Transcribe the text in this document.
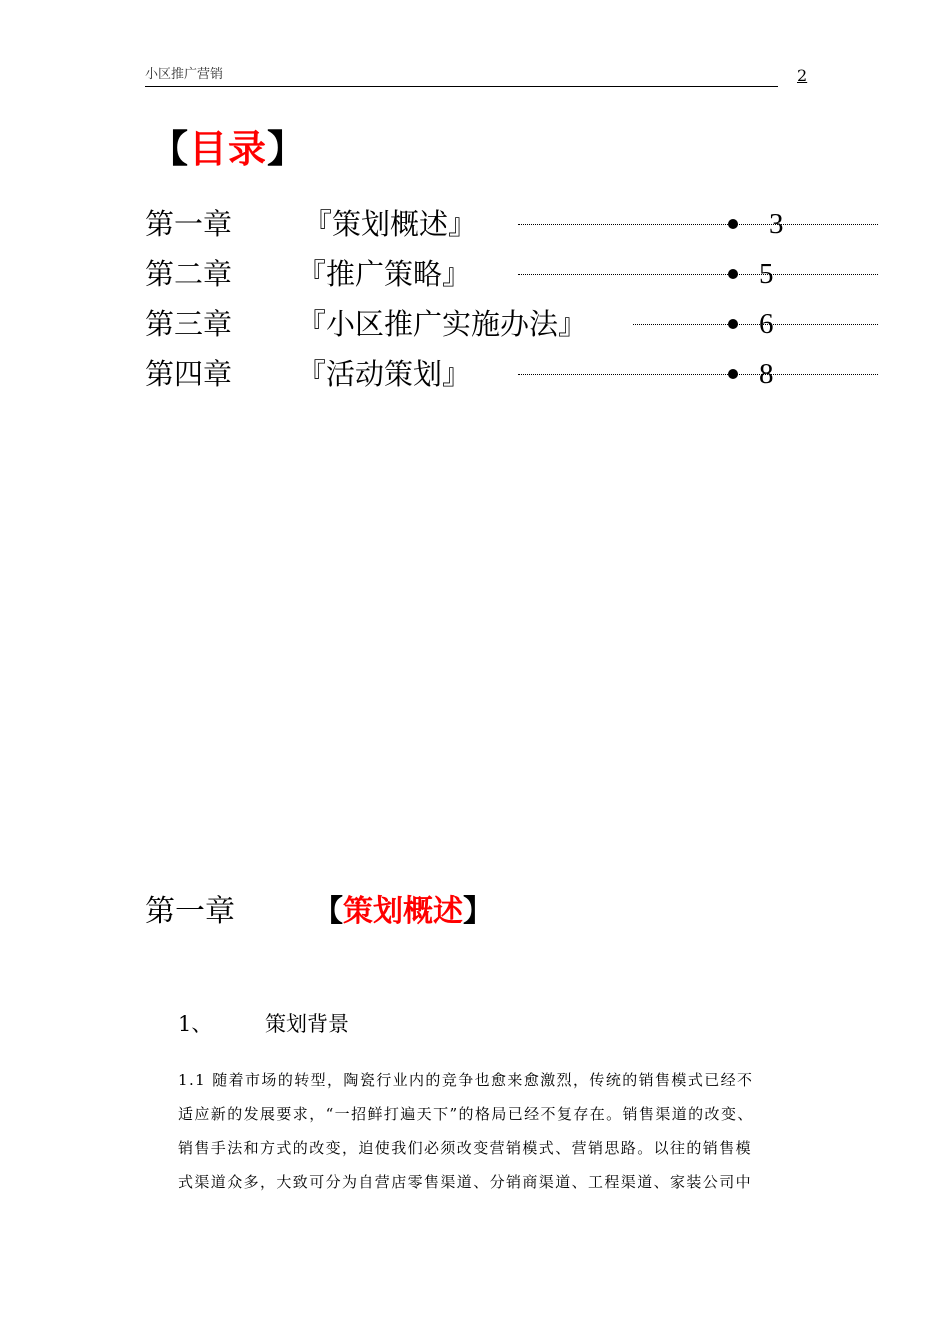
小区推广营销	2
【目录】
第一章 『策划概述』	3
第二章 『推广策略』	5
第三章 『小区推广实施办法』	6
第四章 『活动策划』	8
第一章	【策划概述】
1、	策划背景

1.1 随着市场的转型，陶瓷行业内的竞争也愈来愈激烈，传统的销售模式已经不

适应新的发展要求，“一招鲜打遍天下”的格局已经不复存在。销售渠道的改变、

销售手法和方式的改变，迫使我们必须改变营销模式、营销思路。以往的销售模

式渠道众多，大致可分为自营店零售渠道、分销商渠道、工程渠道、家装公司中
